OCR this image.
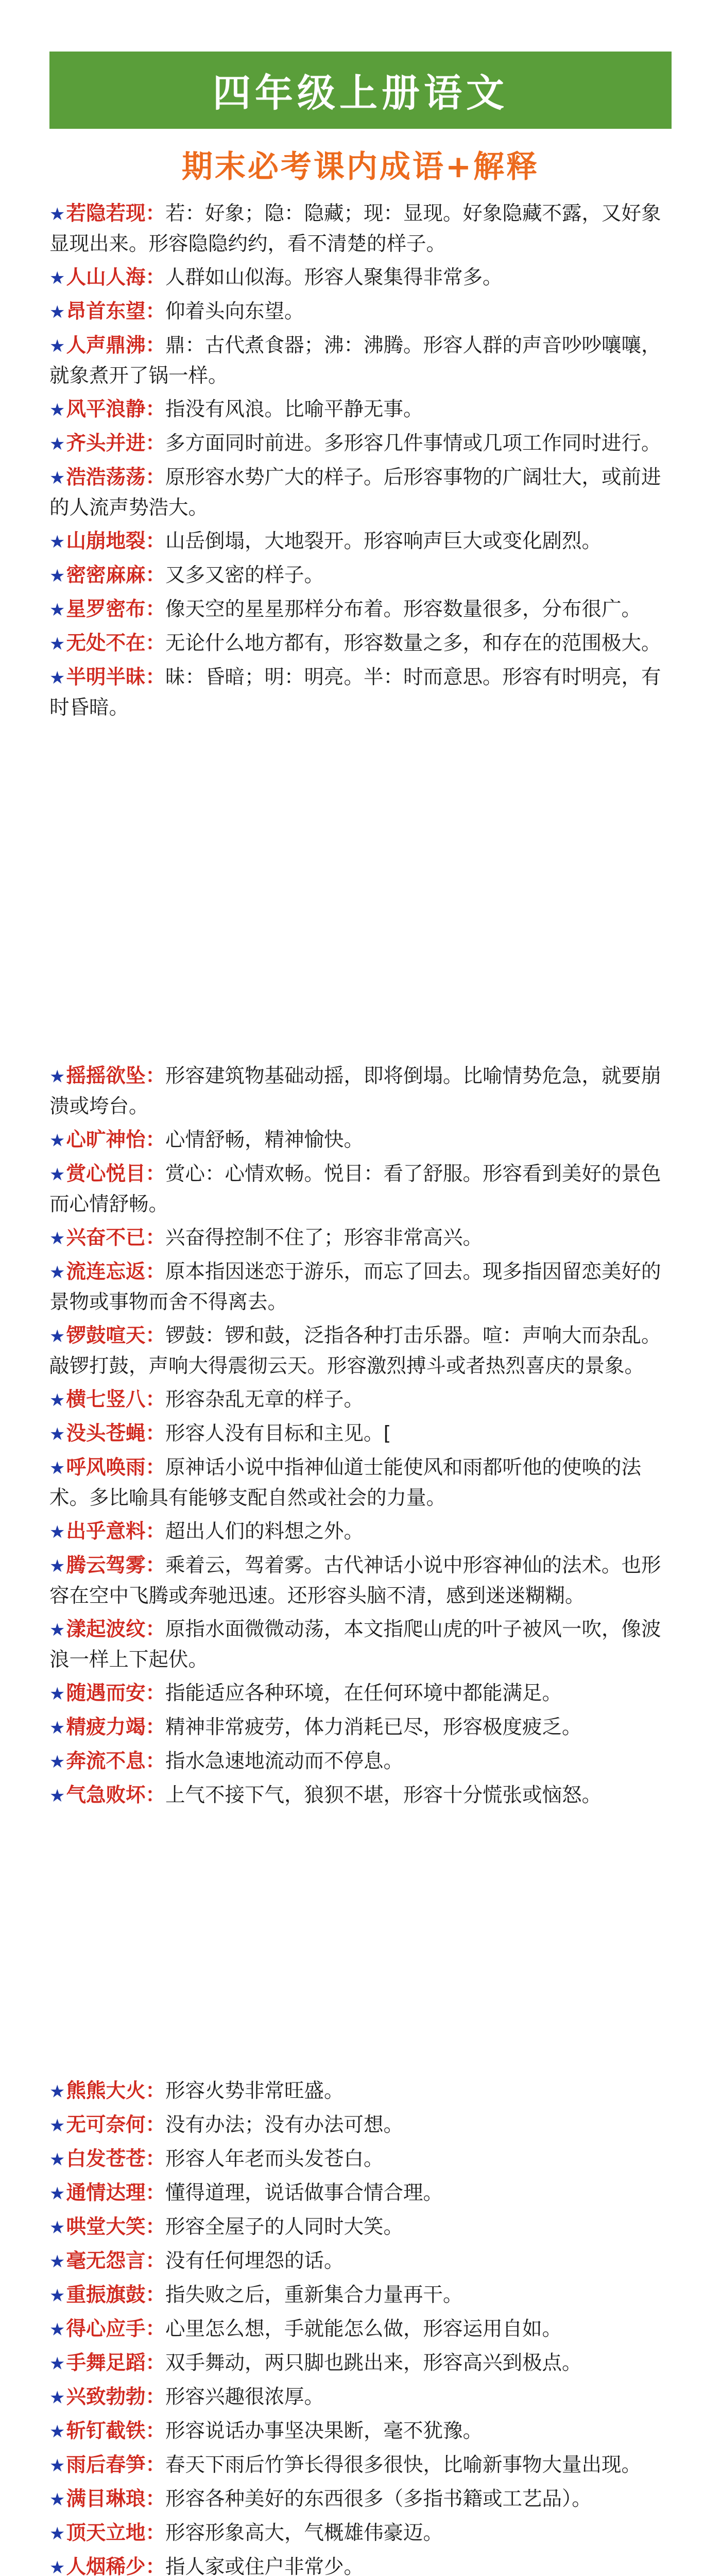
四年级上册语文
期末必考课内成语+解释
★若隐若现：若：好象；隐：隐藏；现：显现。好象隐藏不露，又好象显现出来。形容隐隐约约，看不清楚的样子。
★人山人海：人群如山似海。形容人聚集得非常多。
★昂首东望：仰着头向东望。
★人声鼎沸：鼎：古代煮食器；沸：沸腾。形容人群的声音吵吵嚷嚷，就象煮开了锅一样。
★风平浪静：指没有风浪。比喻平静无事。
★齐头并进：多方面同时前进。多形容几件事情或几项工作同时进行。
★浩浩荡荡：原形容水势广大的样子。后形容事物的广阔壮大，或前进的人流声势浩大。
★山崩地裂：山岳倒塌，大地裂开。形容响声巨大或变化剧烈。
★密密麻麻：又多又密的样子。
★星罗密布：像天空的星星那样分布着。形容数量很多，分布很广。
★无处不在：无论什么地方都有，形容数量之多，和存在的范围极大。
★半明半昧：昧：昏暗；明：明亮。半：时而意思。形容有时明亮，有时昏暗。
★摇摇欲坠：形容建筑物基础动摇，即将倒塌。比喻情势危急，就要崩溃或垮台。
★心旷神怡：心情舒畅，精神愉快。
★赏心悦目：赏心：心情欢畅。悦目：看了舒服。形容看到美好的景色而心情舒畅。
★兴奋不已：兴奋得控制不住了；形容非常高兴。
★流连忘返：原本指因迷恋于游乐，而忘了回去。现多指因留恋美好的景物或事物而舍不得离去。
★锣鼓喧天：锣鼓：锣和鼓，泛指各种打击乐器。喧：声响大而杂乱。敲锣打鼓，声响大得震彻云天。形容激烈搏斗或者热烈喜庆的景象。
★横七竖八：形容杂乱无章的样子。
★没头苍蝇：形容人没有目标和主见。[
★呼风唤雨：原神话小说中指神仙道士能使风和雨都听他的使唤的法术。多比喻具有能够支配自然或社会的力量。
★出乎意料：超出人们的料想之外。
★腾云驾雾：乘着云，驾着雾。古代神话小说中形容神仙的法术。也形容在空中飞腾或奔驰迅速。还形容头脑不清，感到迷迷糊糊。
★漾起波纹：原指水面微微动荡，本文指爬山虎的叶子被风一吹，像波浪一样上下起伏。
★随遇而安：指能适应各种环境，在任何环境中都能满足。
★精疲力竭：精神非常疲劳，体力消耗已尽，形容极度疲乏。
★奔流不息：指水急速地流动而不停息。
★气急败坏：上气不接下气，狼狈不堪，形容十分慌张或恼怒。
★熊熊大火：形容火势非常旺盛。
★无可奈何：没有办法；没有办法可想。
★白发苍苍：形容人年老而头发苍白。
★通情达理：懂得道理，说话做事合情合理。
★哄堂大笑：形容全屋子的人同时大笑。
★毫无怨言：没有任何埋怨的话。
★重振旗鼓：指失败之后，重新集合力量再干。
★得心应手：心里怎么想，手就能怎么做，形容运用自如。
★手舞足蹈：双手舞动，两只脚也跳出来，形容高兴到极点。
★兴致勃勃：形容兴趣很浓厚。
★斩钉截铁：形容说话办事坚决果断，毫不犹豫。
★雨后春笋：春天下雨后竹笋长得很多很快，比喻新事物大量出现。
★满目琳琅：形容各种美好的东西很多（多指书籍或工艺品）。
★顶天立地：形容形象高大，气概雄伟豪迈。
★人烟稀少：指人家或住户非常少。
